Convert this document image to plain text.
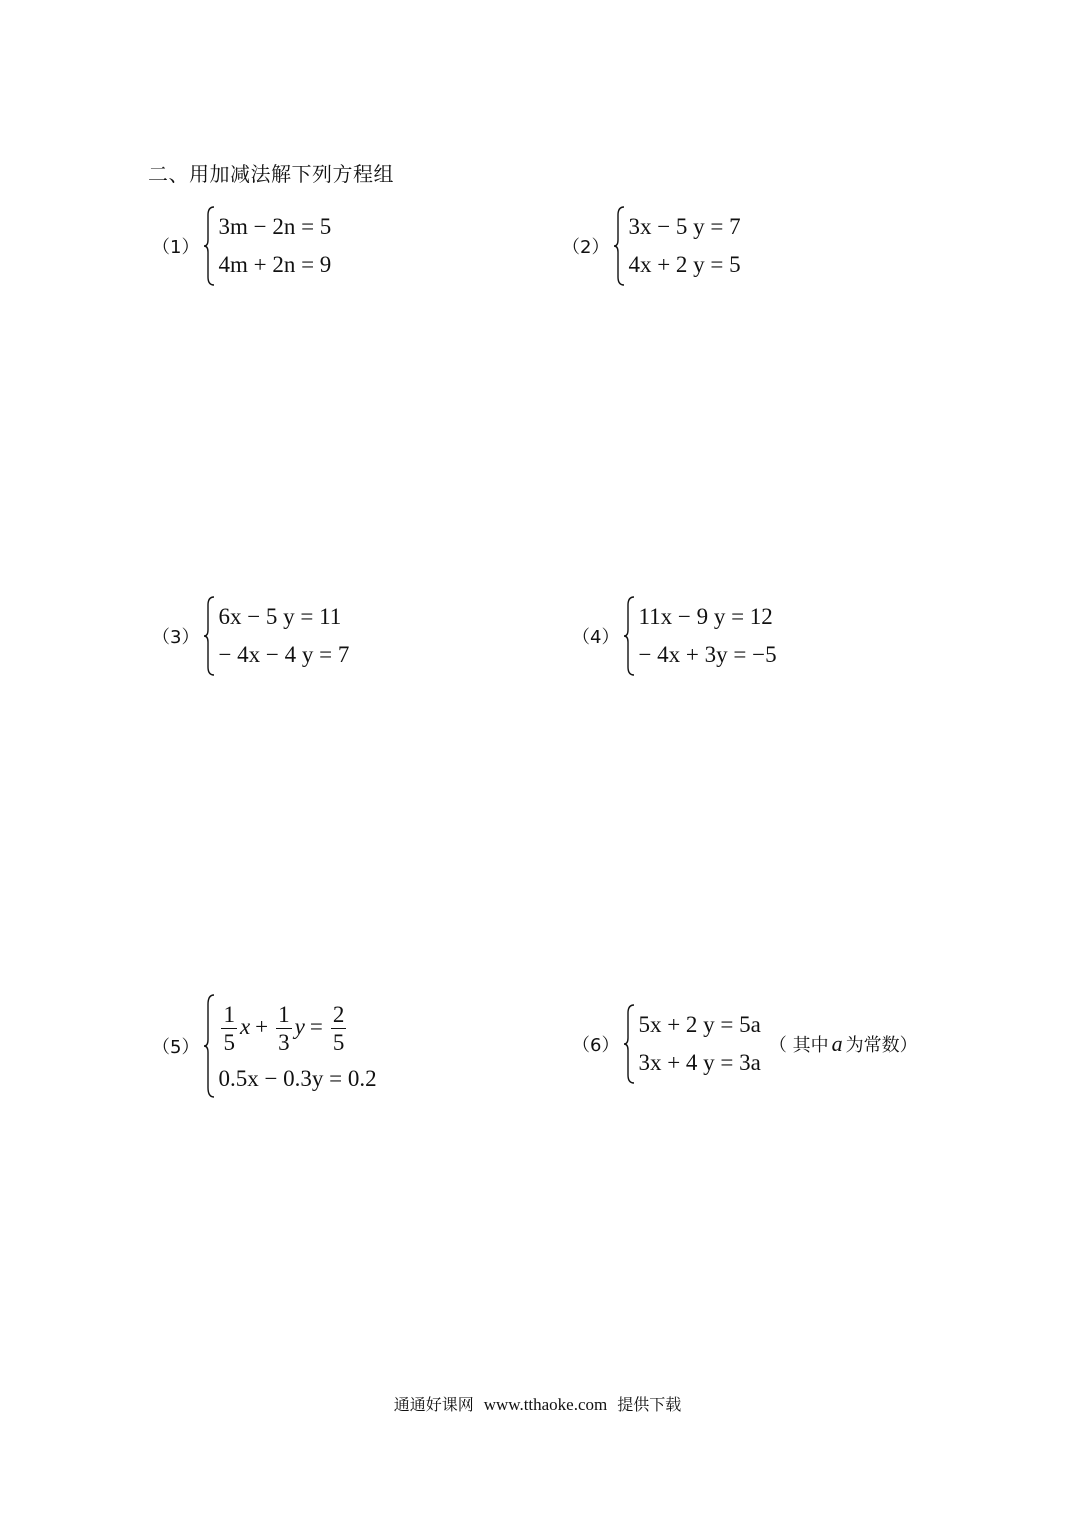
二、用加减法解下列方程组
（1）
3m − 2n = 5
4m + 2n = 9
（2）
3x − 5 y = 7
4x + 2 y = 5
（3）
6x − 5 y = 11
− 4x − 4 y = 7
（4）
11x − 9 y = 12
− 4x + 3y = −5
$(5) \frac{1}{5}$ $x + \frac{1}{3}$ $y = \frac{2}{5}$
0.5x − 0.3y = 0.2
（6）
5x + 2 y = 5a
3x + 4 y = 3a
（ 其中 a 为常数）
通通好课网 www.tthaoke.com 提供下载
